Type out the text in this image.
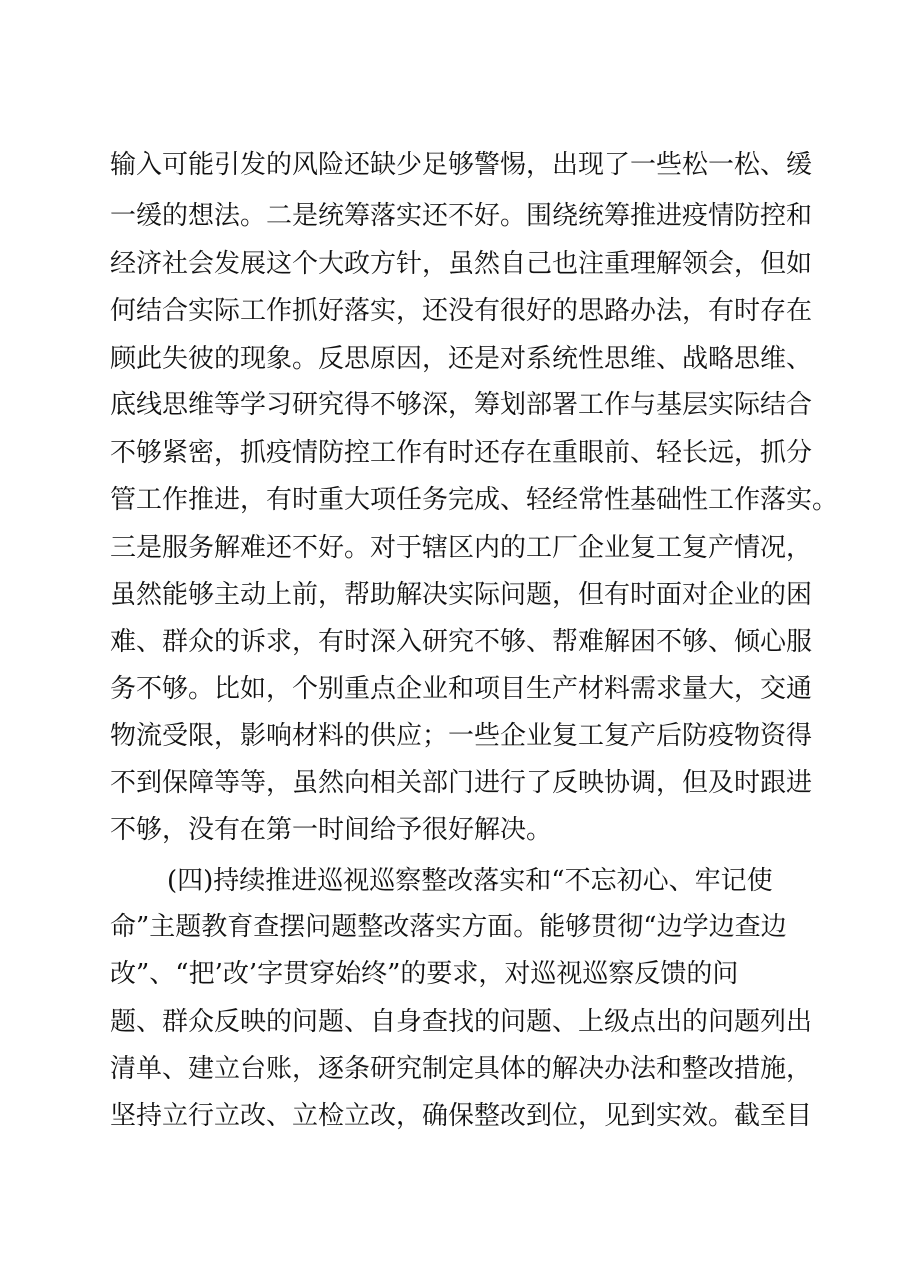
输入可能引发的风险还缺少足够警惕，出现了一些松一松、缓
一缓的想法。二是统筹落实还不好。围绕统筹推进疫情防控和
经济社会发展这个大政方针，虽然自己也注重理解领会，但如
何结合实际工作抓好落实，还没有很好的思路办法，有时存在
顾此失彼的现象。反思原因，还是对系统性思维、战略思维、
底线思维等学习研究得不够深，筹划部署工作与基层实际结合
不够紧密，抓疫情防控工作有时还存在重眼前、轻长远，抓分
管工作推进，有时重大项任务完成、轻经常性基础性工作落实。
三是服务解难还不好。对于辖区内的工厂企业复工复产情况，
虽然能够主动上前，帮助解决实际问题，但有时面对企业的困
难、群众的诉求，有时深入研究不够、帮难解困不够、倾心服
务不够。比如，个别重点企业和项目生产材料需求量大，交通
物流受限，影响材料的供应；一些企业复工复产后防疫物资得
不到保障等等，虽然向相关部门进行了反映协调，但及时跟进
不够，没有在第一时间给予很好解决。
(四)持续推进巡视巡察整改落实和“不忘初心、牢记使
命”主题教育查摆问题整改落实方面。能够贯彻“边学边查边
改”、“把’改’字贯穿始终”的要求，对巡视巡察反馈的问
题、群众反映的问题、自身查找的问题、上级点出的问题列出
清单、建立台账，逐条研究制定具体的解决办法和整改措施，
坚持立行立改、立检立改，确保整改到位，见到实效。截至目
